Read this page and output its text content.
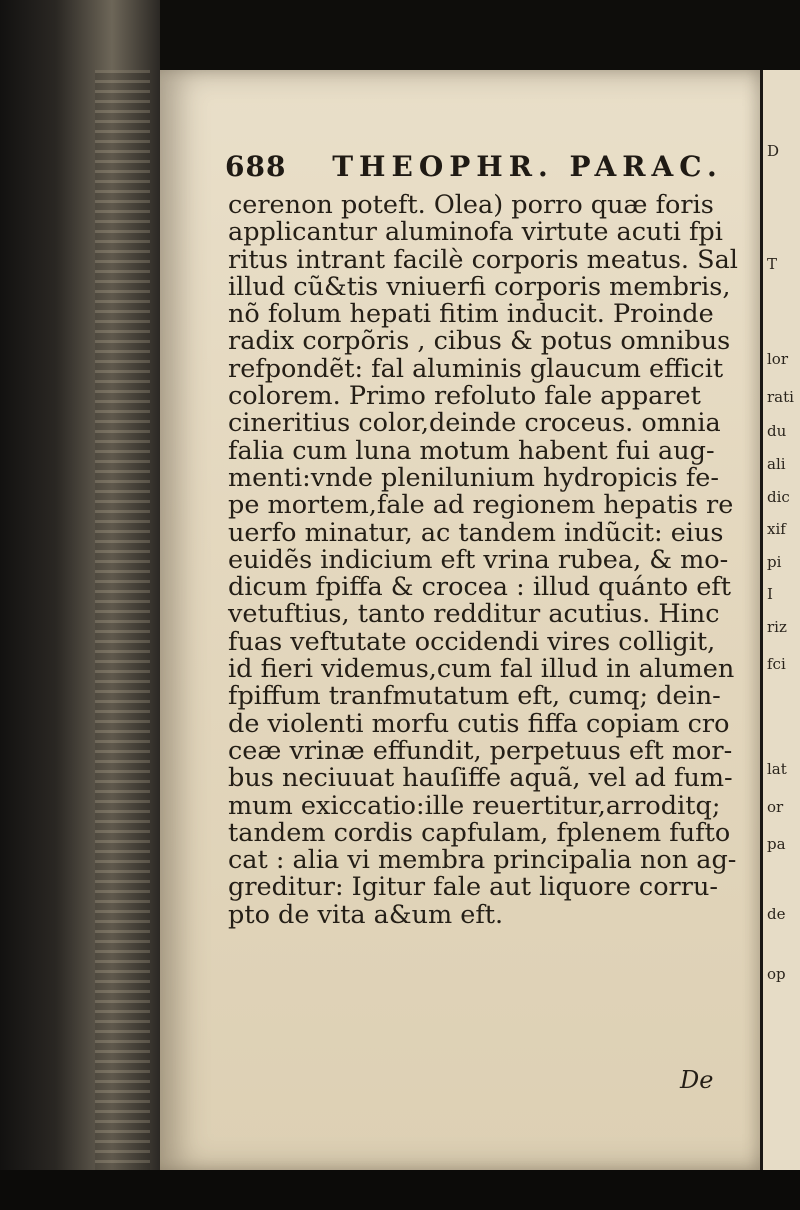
D
T
lor
rati
du
ali
dic
xif
pi
I
riz
fci
lat
or
pa
de
op
688 THEOPHR. PARAC.
cerenon poteft. Olea) porro quæ foris
applicantur aluminofa virtute acuti fpi
ritus intrant facilè corporis meatus. Sal
illud cũ&tis vniuerfi corporis membris,
nõ folum hepati fitim inducit. Proinde
radix corpõris , cibus & potus omnibus
refpondẽt: fal aluminis glaucum efficit
colorem. Primo refoluto fale apparet
cineritius color,deinde croceus. omnia
falia cum luna motum habent fui aug-
menti:vnde plenilunium hydropicis fe-
pe mortem,fale ad regionem hepatis re
uerfo minatur, ac tandem indũcit: eius
euidẽs indicium eft vrina rubea, & mo-
dicum fpiffa & crocea : illud quánto eft
vetuftius, tanto redditur acutius. Hinc
fuas veftutate occidendi vires colligit,
id fieri videmus,cum fal illud in alumen
fpiffum tranfmutatum eft, cumq; dein-
de violenti morfu cutis fiffa copiam cro
ceæ vrinæ effundit, perpetuus eft mor-
bus neciuuat hauſiffe aquã, vel ad fum-
mum exiccatio:ille reuertitur,arroditq;
tandem cordis capfulam, fplenem fufto
cat : alia vi membra principalia non ag-
greditur: Igitur fale aut liquore corru-
pto de vita a&um eft.
De
